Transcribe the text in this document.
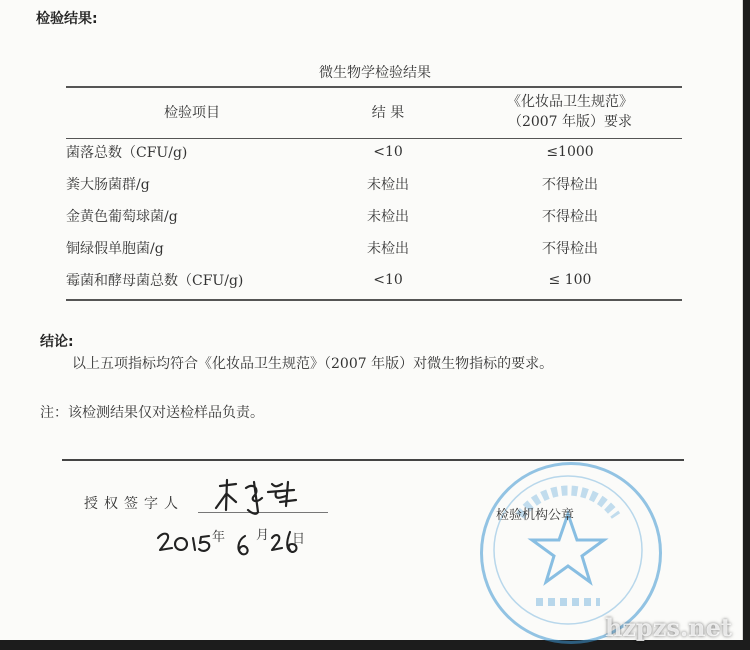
检验结果:
微生物学检验结果
检验项目	结 果	《化妆品卫生规范》
（2007 年版）要求

菌落总数（CFU/g)	<10	≤1000
粪大肠菌群/g	未检出	不得检出
金黄色葡萄球菌/g	未检出	不得检出
铜绿假单胞菌/g	未检出	不得检出
霉菌和酵母菌总数（CFU/g)	<10	≤ 100
结论:
以上五项指标均符合《化妆品卫生规范》（2007 年版）对微生物指标的要求。
注：该检测结果仅对送检样品负责。
授权签字人
年 月 日
检验机构公章
hzpzs.net
